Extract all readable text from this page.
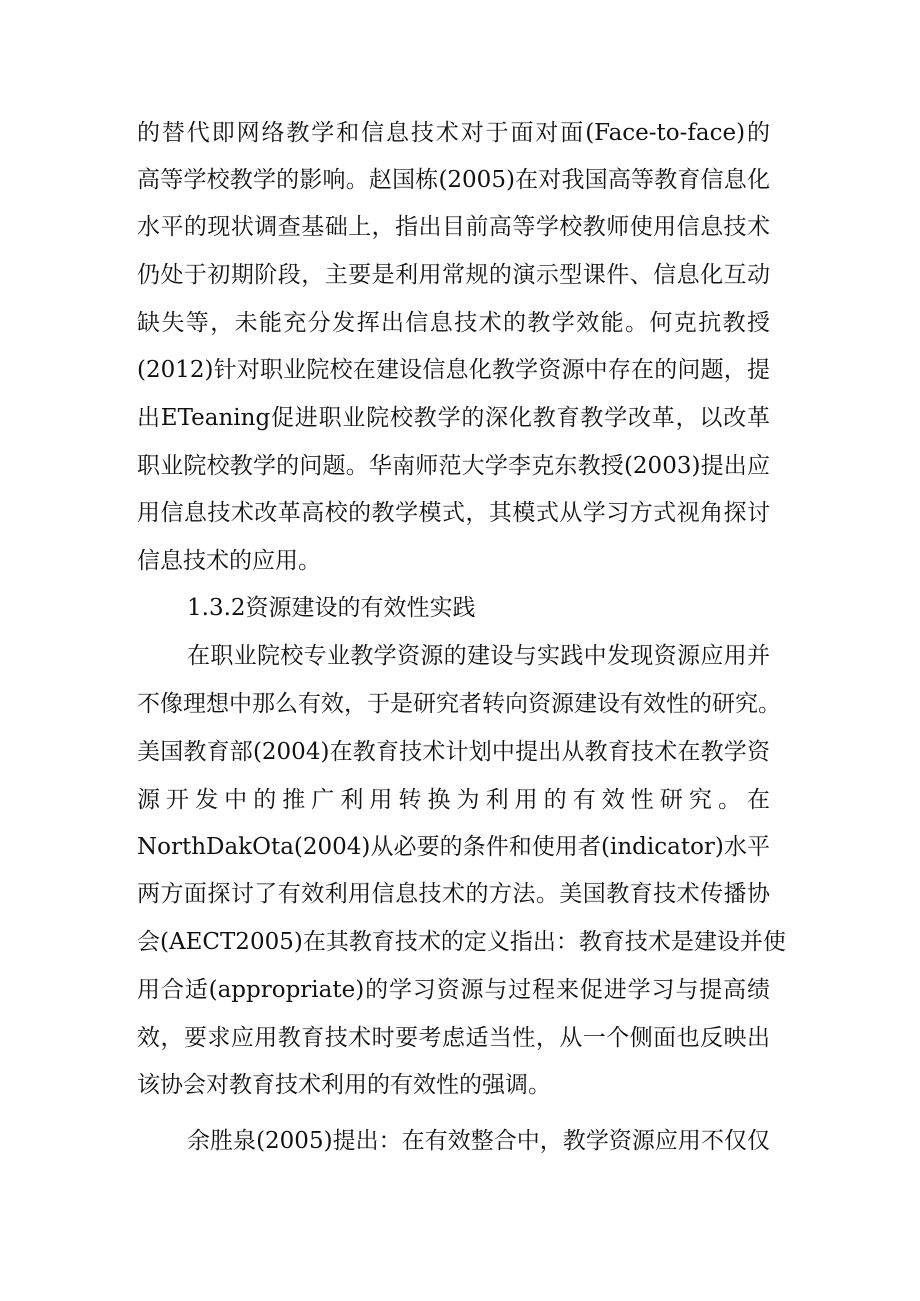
的替代即网络教学和信息技术对于面对面(Face-to-face)的
高等学校教学的影响。赵国栋(2005)在对我国高等教育信息化
水平的现状调查基础上，指出目前高等学校教师使用信息技术
仍处于初期阶段，主要是利用常规的演示型课件、信息化互动
缺失等，未能充分发挥出信息技术的教学效能。何克抗教授
(2012)针对职业院校在建设信息化教学资源中存在的问题，提
出ETeaning促进职业院校教学的深化教育教学改革，以改革
职业院校教学的问题。华南师范大学李克东教授(2003)提出应
用信息技术改革高校的教学模式，其模式从学习方式视角探讨
信息技术的应用。
1.3.2资源建设的有效性实践
在职业院校专业教学资源的建设与实践中发现资源应用并
不像理想中那么有效，于是研究者转向资源建设有效性的研究。
美国教育部(2004)在教育技术计划中提出从教育技术在教学资
源开发中的推广利用转换为利用的有效性研究。在
NorthDakOta(2004)从必要的条件和使用者(indicator)水平
两方面探讨了有效利用信息技术的方法。美国教育技术传播协
会(AECT2005)在其教育技术的定义指出：教育技术是建设并使
用合适(appropriate)的学习资源与过程来促进学习与提高绩
效，要求应用教育技术时要考虑适当性，从一个侧面也反映出
该协会对教育技术利用的有效性的强调。
余胜泉(2005)提出：在有效整合中，教学资源应用不仅仅
